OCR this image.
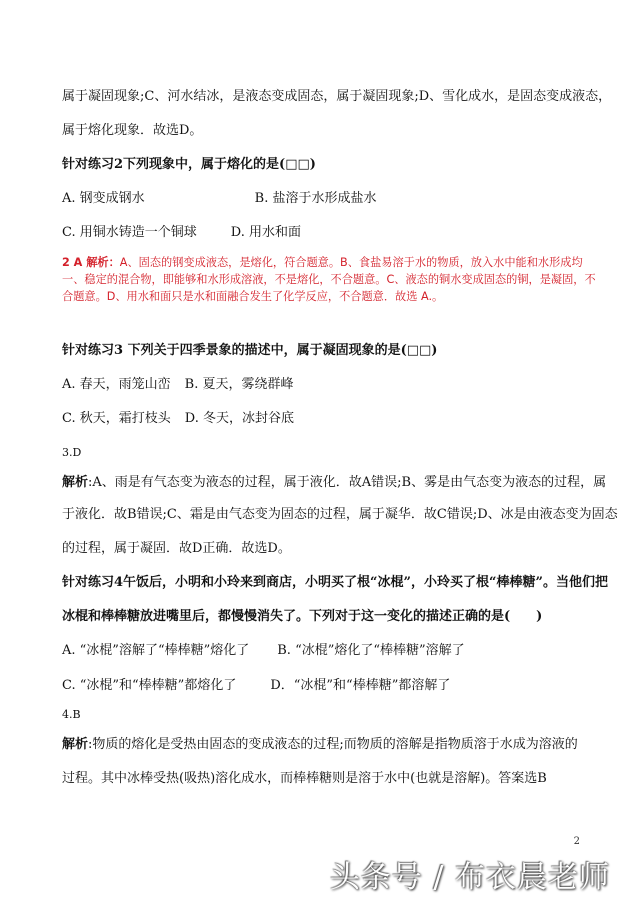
属于凝固现象;C、河水结冰，是液态变成固态，属于凝固现象;D、雪化成水，是固态变成液态，

属于熔化现象．故选D。

针对练习2下列现象中，属于熔化的是(□□)

A. 钢变成钢水	B. 盐溶于水形成盐水

C. 用铜水铸造一个铜球	D. 用水和面

2 A 解析：A、固态的钢变成液态，是熔化，符合题意。B、食盐易溶于水的物质，放入水中能和水形成均一、稳定的混合物，即能够和水形成溶液，不是熔化，不合题意。C、液态的铜水变成固态的铜，是凝固，不合题意。D、用水和面只是水和面融合发生了化学反应，不合题意．故选 A.。

针对练习3 下列关于四季景象的描述中，属于凝固现象的是(□□)

A. 春天，雨笼山峦 B. 夏天，雾绕群峰

C. 秋天，霜打枝头 D. 冬天，冰封谷底

3.D

解析:A、雨是有气态变为液态的过程，属于液化．故A错误;B、雾是由气态变为液态的过程，属

于液化．故B错误;C、霜是由气态变为固态的过程，属于凝华．故C错误;D、冰是由液态变为固态

的过程，属于凝固．故D正确．故选D。

针对练习4午饭后，小明和小玲来到商店，小明买了根“冰棍”，小玲买了根“棒棒糖”。当他们把

冰棍和棒棒糖放进嘴里后，都慢慢消失了。下列对于这一变化的描述正确的是(　　)

A. “冰棍”溶解了“棒棒糖”熔化了 B. “冰棍”熔化了“棒棒糖”溶解了

C. “冰棍”和“棒棒糖”都熔化了	D．“冰棍”和“棒棒糖”都溶解了

4.B

解析:物质的熔化是受热由固态的变成液态的过程;而物质的溶解是指物质溶于水成为溶液的

过程。其中冰棒受热(吸热)溶化成水，而棒棒糖则是溶于水中(也就是溶解)。答案选B

2
头条号 / 布衣晨老师
